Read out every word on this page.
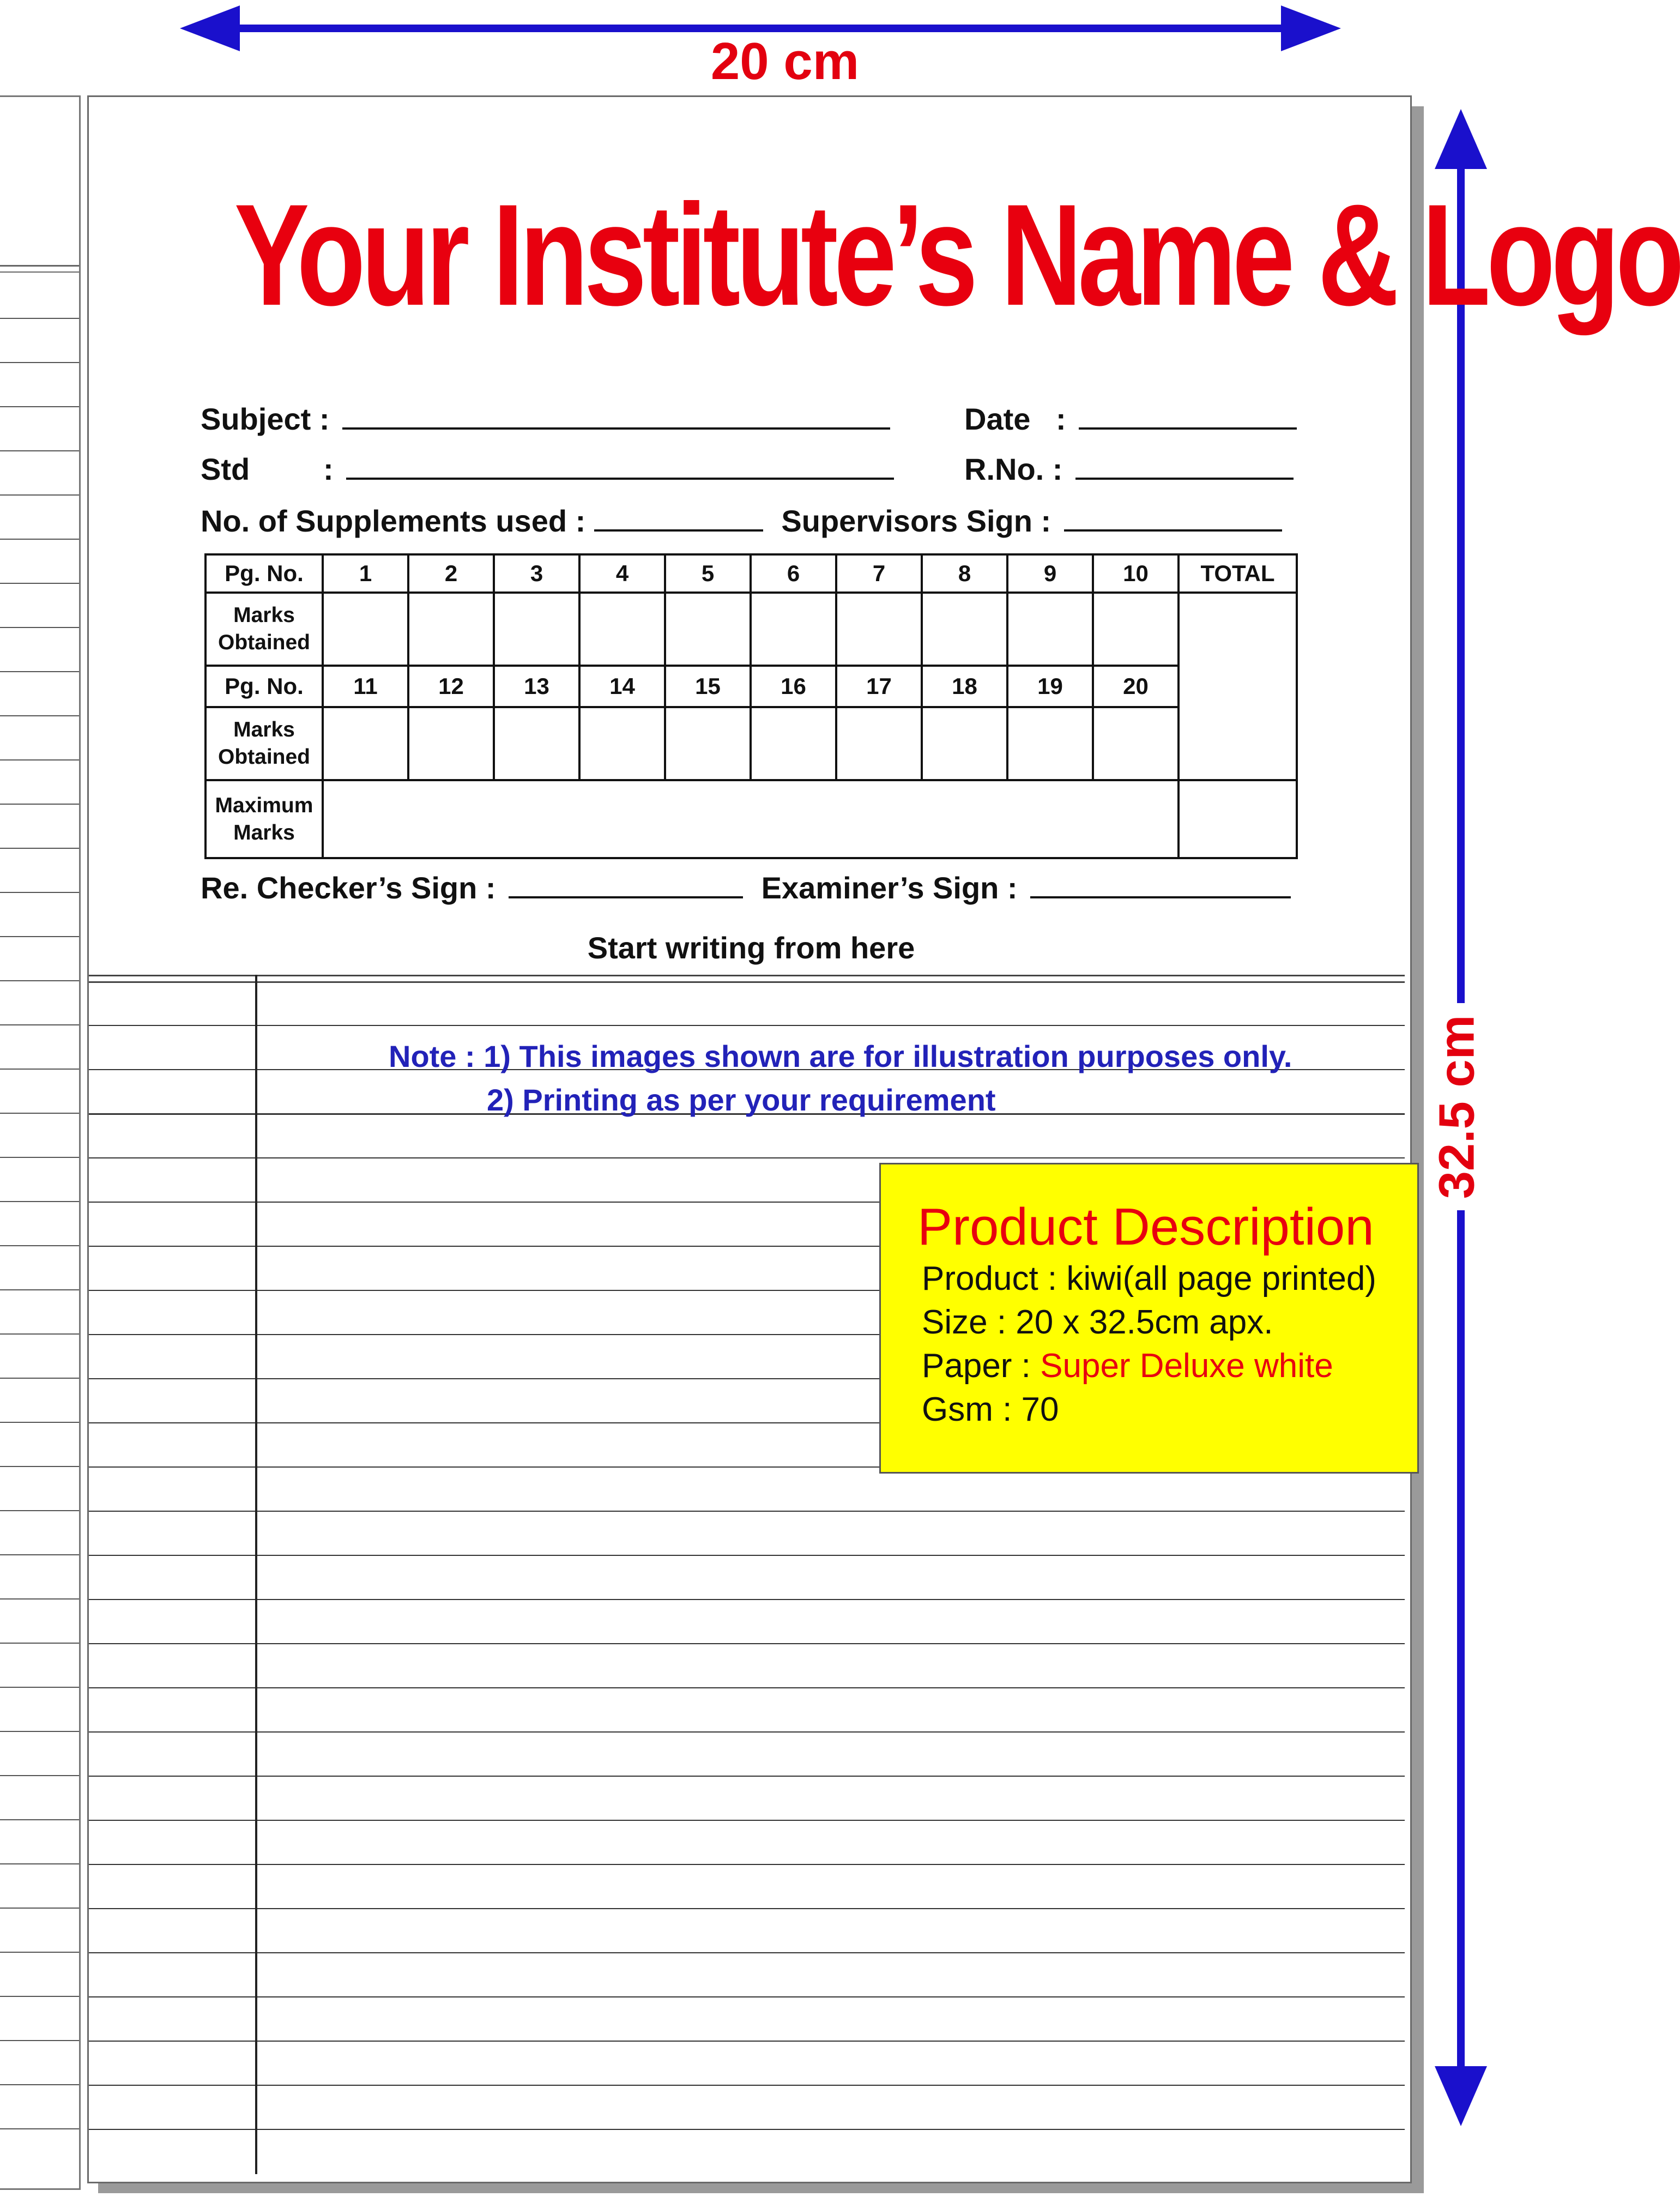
20 cm
32.5 cm
Your Institute’s Name & Logo
Subject :	Date   :
Std :	R.No. :
No. of Supplements used :	Supervisors Sign :
Pg. No.	1	2	3	4	5	6	7	8	9	10	TOTAL
Marks
Obtained											
Pg. No.	11	12	13	14	15	16	17	18	19	20	
Marks
Obtained											
Maximum
Marks											
Re. Checker’s Sign :	Examiner’s Sign :
Start writing from here
Note : 1) This images shown are for illustration purposes only.
2) Printing as per your requirement
Product Description
Product : kiwi(all page printed)
Size : 20 x 32.5cm apx.
Paper : Super Deluxe white
Gsm : 70
